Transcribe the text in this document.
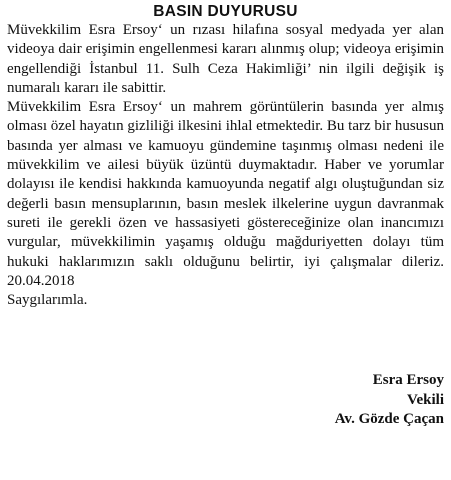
BASIN DUYURUSU

Müvekkilim Esra Ersoy‘ un rızası hilafına sosyal medyada yer alan videoya dair erişimin engellenmesi kararı alınmış olup; videoya erişimin engellendiği İstanbul 11. Sulh Ceza Hakimliği’ nin ilgili değişik iş numaralı kararı ile sabittir.

Müvekkilim Esra Ersoy‘ un mahrem görüntülerin basında yer almış olması özel hayatın gizliliği ilkesini ihlal etmektedir. Bu tarz bir hususun basında yer alması ve kamuoyu gündemine taşınmış olması nedeni ile müvekkilim ve ailesi büyük üzüntü duymaktadır. Haber ve yorumlar dolayısı ile kendisi hakkında kamuoyunda negatif algı oluştuğundan siz değerli basın mensuplarının, basın meslek ilkelerine uygun davranmak sureti ile gerekli özen ve hassasiyeti göstereceğinize olan inancımızı vurgular, müvekkilimin yaşamış olduğu mağduriyetten dolayı tüm hukuki haklarımızın saklı olduğunu belirtir, iyi çalışmalar dileriz. 20.04.2018

Saygılarımla.

Esra Ersoy
Vekili
Av. Gözde Çaçan
